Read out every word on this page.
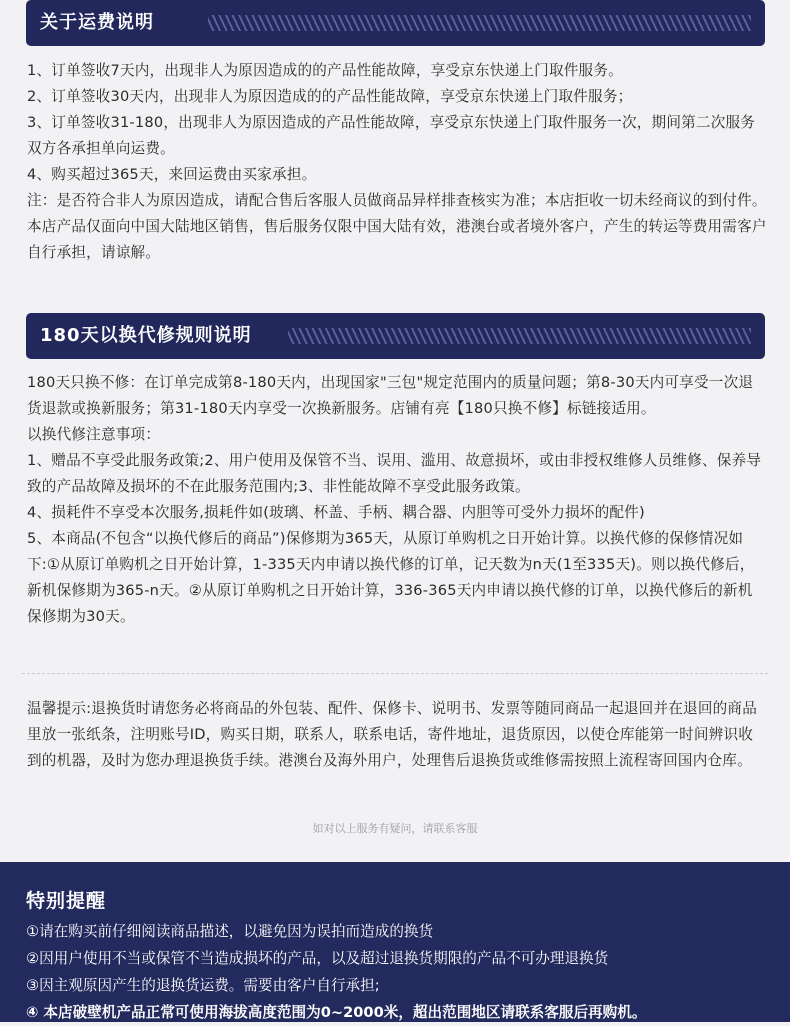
关于运费说明

1、订单签收7天内，出现非人为原因造成的的产品性能故障，享受京东快递上门取件服务。

2、订单签收30天内，出现非人为原因造成的的产品性能故障，享受京东快递上门取件服务；

3、订单签收31-180，出现非人为原因造成的产品性能故障，享受京东快递上门取件服务一次，期间第二次服务双方各承担单向运费。

4、购买超过365天，来回运费由买家承担。

注：是否符合非人为原因造成，请配合售后客服人员做商品异样排查核实为准；本店拒收一切未经商议的到付件。

本店产品仅面向中国大陆地区销售，售后服务仅限中国大陆有效，港澳台或者境外客户，产生的转运等费用需客户自行承担，请谅解。

180天以换代修规则说明

180天只换不修：在订单完成第8-180天内，出现国家"三包"规定范围内的质量问题；第8-30天内可享受一次退货退款或换新服务；第31-180天内享受一次换新服务。店铺有亮【180只换不修】标链接适用。

以换代修注意事项：

1、赠品不享受此服务政策;2、用户使用及保管不当、误用、滥用、故意损坏，或由非授权维修人员维修、保养导致的产品故障及损坏的不在此服务范围内;3、非性能故障不享受此服务政策。

4、损耗件不享受本次服务,损耗件如(玻璃、杯盖、手柄、耦合器、内胆等可受外力损坏的配件)

5、本商品(不包含“以换代修后的商品”)保修期为365天，从原订单购机之日开始计算。以换代修的保修情况如下:①从原订单购机之日开始计算，1-335天内申请以换代修的订单，记天数为n天(1至335天)。则以换代修后，新机保修期为365-n天。②从原订单购机之日开始计算，336-365天内申请以换代修的订单，以换代修后的新机保修期为30天。

温馨提示:退换货时请您务必将商品的外包装、配件、保修卡、说明书、发票等随同商品一起退回并在退回的商品里放一张纸条，注明账号ID，购买日期，联系人，联系电话，寄件地址，退货原因，以使仓库能第一时间辨识收到的机器，及时为您办理退换货手续。港澳台及海外用户，处理售后退换货或维修需按照上流程寄回国内仓库。

如对以上服务有疑问，请联系客服
特别提醒
①请在购买前仔细阅读商品描述，以避免因为误拍而造成的换货
②因用户使用不当或保管不当造成损坏的产品，以及超过退换货期限的产品不可办理退换货
③因主观原因产生的退换货运费。需要由客户自行承担;
④ 本店破壁机产品正常可使用海拔高度范围为0~2000米，超出范围地区请联系客服后再购机。
